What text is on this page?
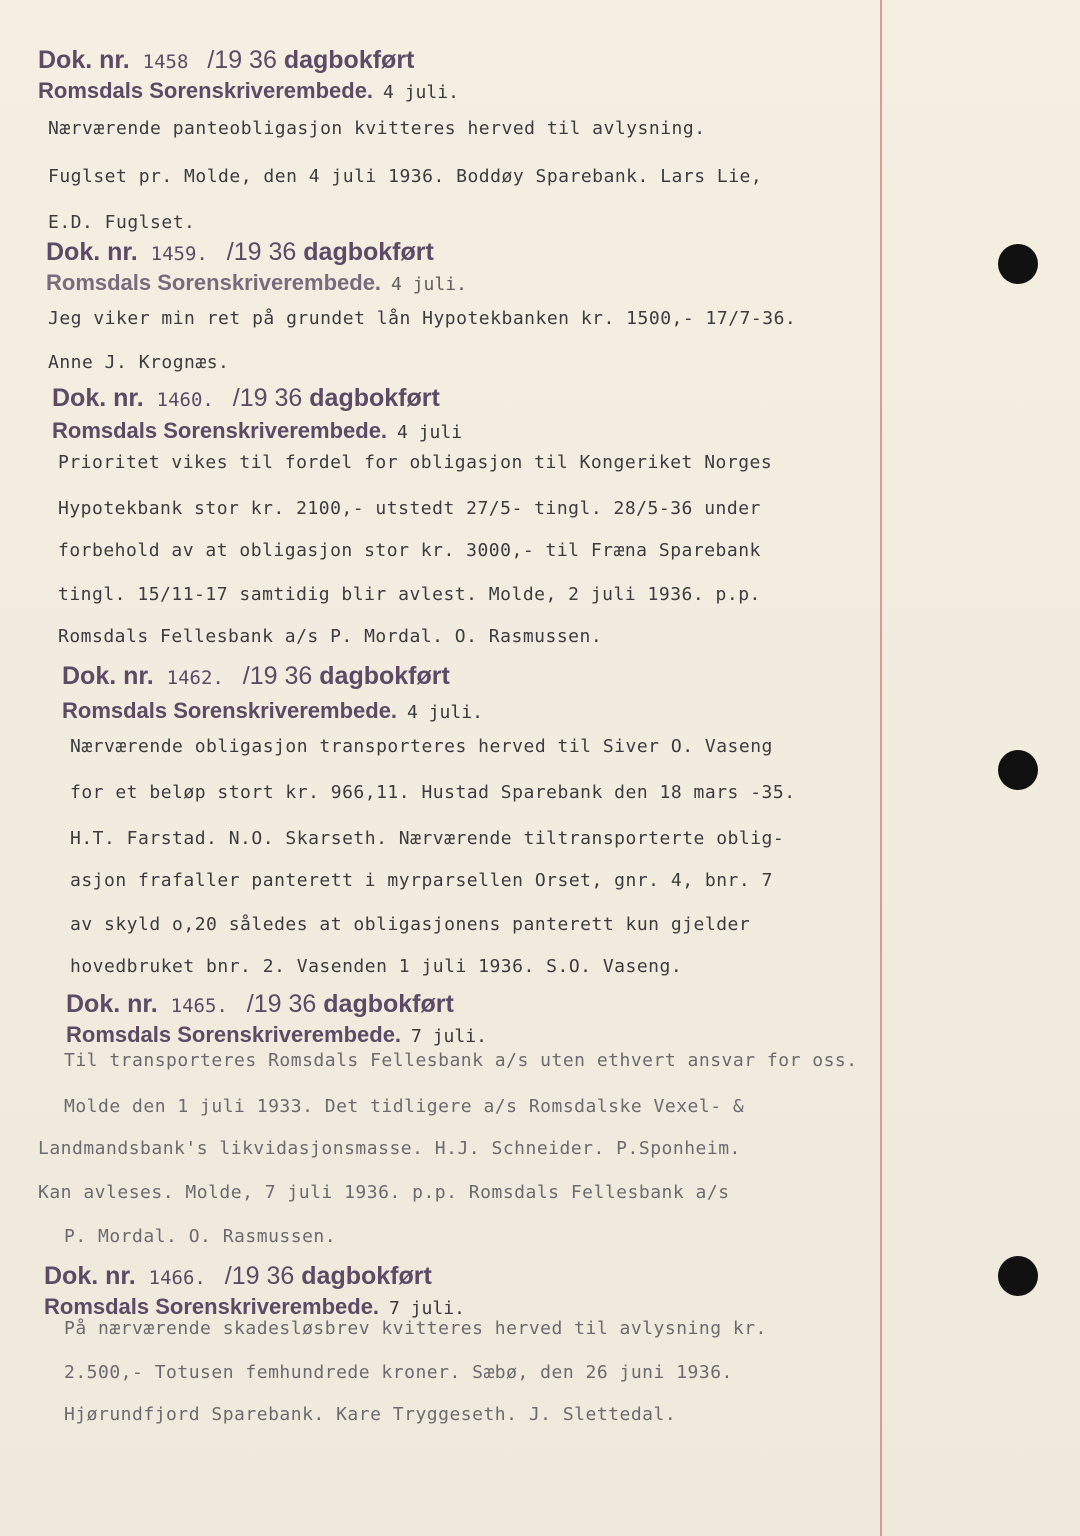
Dok. nr. 1458 /19 36 dagbokført
Romsdals Sorenskriverembede. 4 juli.
Nærværende panteobligasjon kvitteres herved til avlysning.
Fuglset pr. Molde, den 4 juli 1936. Boddøy Sparebank. Lars Lie,
E.D. Fuglset.
Dok. nr. 1459. /19 36 dagbokført
Romsdals Sorenskriverembede. 4 juli.
Jeg viker min ret på grundet lån Hypotekbanken kr. 1500,- 17/7-36.
Anne J. Krognæs.
Dok. nr. 1460. /19 36 dagbokført
Romsdals Sorenskriverembede. 4 juli
Prioritet vikes til fordel for obligasjon til Kongeriket Norges
Hypotekbank stor kr. 2100,- utstedt 27/5- tingl. 28/5-36 under
forbehold av at obligasjon stor kr. 3000,- til Fræna Sparebank
tingl. 15/11-17 samtidig blir avlest. Molde, 2 juli 1936. p.p.
Romsdals Fellesbank a/s P. Mordal. O. Rasmussen.
Dok. nr. 1462. /19 36 dagbokført
Romsdals Sorenskriverembede. 4 juli.
Nærværende obligasjon transporteres herved til Siver O. Vaseng
for et beløp stort kr. 966,11. Hustad Sparebank den 18 mars -35.
H.T. Farstad. N.O. Skarseth. Nærværende tiltransporterte oblig-
asjon frafaller panterett i myrparsellen Orset, gnr. 4, bnr. 7
av skyld o,20 således at obligasjonens panterett kun gjelder
hovedbruket bnr. 2. Vasenden 1 juli 1936. S.O. Vaseng.
Dok. nr. 1465. /19 36 dagbokført
Romsdals Sorenskriverembede. 7 juli.
Til transporteres Romsdals Fellesbank a/s uten ethvert ansvar for oss.
Molde den 1 juli 1933. Det tidligere a/s Romsdalske Vexel- &
Landmandsbank's likvidasjonsmasse. H.J. Schneider. P.Sponheim.
Kan avleses. Molde, 7 juli 1936. p.p. Romsdals Fellesbank a/s
P. Mordal. O. Rasmussen.
Dok. nr. 1466. /19 36 dagbokført
Romsdals Sorenskriverembede. 7 juli.
På nærværende skadesløsbrev kvitteres herved til avlysning kr.
2.500,- Totusen femhundrede kroner. Sæbø, den 26 juni 1936.
Hjørundfjord Sparebank. Kare Tryggeseth. J. Slettedal.
